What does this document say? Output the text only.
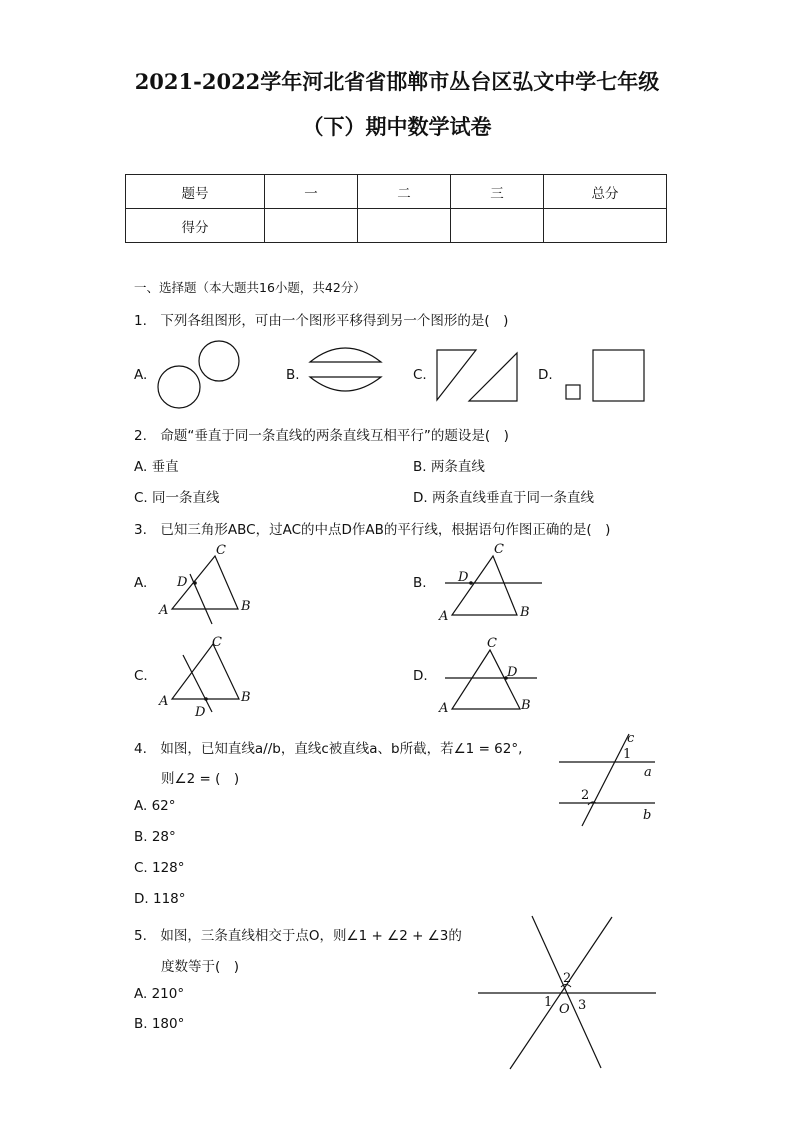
2021-2022学年河北省省邯郸市丛台区弘文中学七年级
（下）期中数学试卷
题号	一	二	三	总分
得分				
一、选择题（本大题共16小题，共42分）
1. 下列各组图形，可由一个图形平移得到另一个图形的是( )
A.	B.	C.	D.
2. 命题“垂直于同一条直线的两条直线互相平行”的题设是( )
A. 垂直	B. 两条直线
C. 同一条直线	D. 两条直线垂直于同一条直线
3. 已知三角形ABC，过AC的中点D作AB的平行线，根据语句作图正确的是( )
A.
A	B
C
D	B.
A	B
C
D
C.
A	B
C
D
D.
A	B
C
D
4. 如图，已知直线a//b，直线c被直线a、b所截，若∠1 = 62°,
则∠2 = ( )
A. 62°
B. 28°
C. 128°
D. 118°
c
a
b
1
2
5. 如图，三条直线相交于点O，则∠1 + ∠2 + ∠3的
度数等于( )
A. 210°
B. 180°
2
1 3
O
